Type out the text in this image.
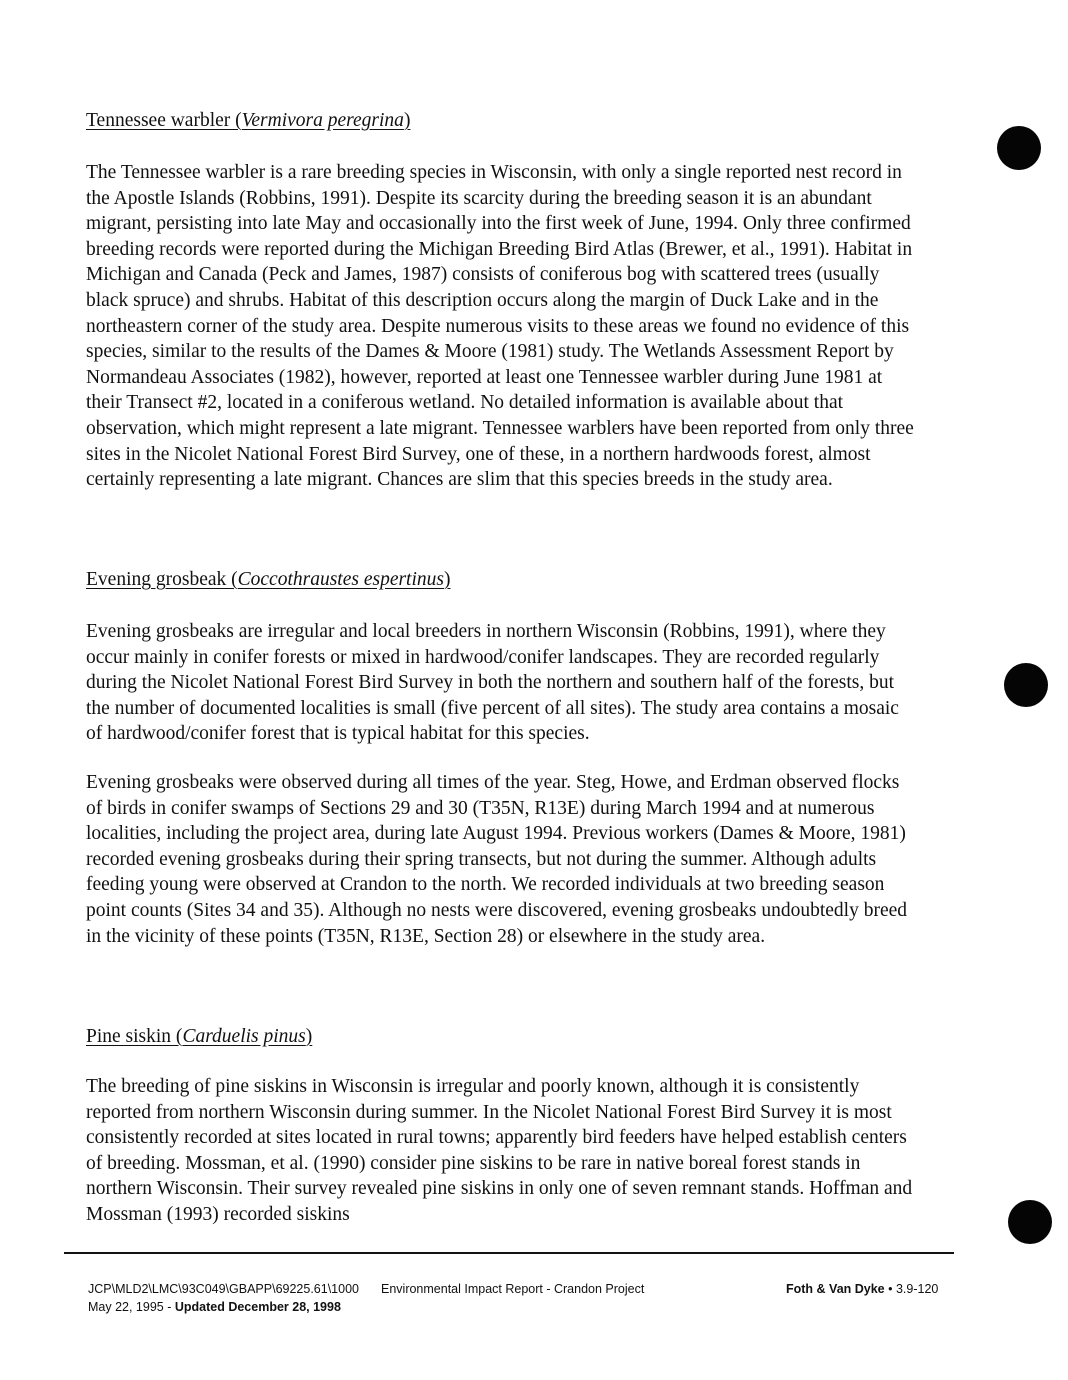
Tennessee warbler (Vermivora peregrina)

The Tennessee warbler is a rare breeding species in Wisconsin, with only a single reported nest record in the Apostle Islands (Robbins, 1991). Despite its scarcity during the breeding season it is an abundant migrant, persisting into late May and occasionally into the first week of June, 1994. Only three confirmed breeding records were reported during the Michigan Breeding Bird Atlas (Brewer, et al., 1991). Habitat in Michigan and Canada (Peck and James, 1987) consists of coniferous bog with scattered trees (usually black spruce) and shrubs. Habitat of this description occurs along the margin of Duck Lake and in the northeastern corner of the study area. Despite numerous visits to these areas we found no evidence of this species, similar to the results of the Dames & Moore (1981) study. The Wetlands Assessment Report by Normandeau Associates (1982), however, reported at least one Tennessee warbler during June 1981 at their Transect #2, located in a coniferous wetland. No detailed information is available about that observation, which might represent a late migrant. Tennessee warblers have been reported from only three sites in the Nicolet National Forest Bird Survey, one of these, in a northern hardwoods forest, almost certainly representing a late migrant. Chances are slim that this species breeds in the study area.

Evening grosbeak (Coccothraustes espertinus)

Evening grosbeaks are irregular and local breeders in northern Wisconsin (Robbins, 1991), where they occur mainly in conifer forests or mixed in hardwood/conifer landscapes. They are recorded regularly during the Nicolet National Forest Bird Survey in both the northern and southern half of the forests, but the number of documented localities is small (five percent of all sites). The study area contains a mosaic of hardwood/conifer forest that is typical habitat for this species.

Evening grosbeaks were observed during all times of the year. Steg, Howe, and Erdman observed flocks of birds in conifer swamps of Sections 29 and 30 (T35N, R13E) during March 1994 and at numerous localities, including the project area, during late August 1994. Previous workers (Dames & Moore, 1981) recorded evening grosbeaks during their spring transects, but not during the summer. Although adults feeding young were observed at Crandon to the north. We recorded individuals at two breeding season point counts (Sites 34 and 35). Although no nests were discovered, evening grosbeaks undoubtedly breed in the vicinity of these points (T35N, R13E, Section 28) or elsewhere in the study area.

Pine siskin (Carduelis pinus)

The breeding of pine siskins in Wisconsin is irregular and poorly known, although it is consistently reported from northern Wisconsin during summer. In the Nicolet National Forest Bird Survey it is most consistently recorded at sites located in rural towns; apparently bird feeders have helped establish centers of breeding. Mossman, et al. (1990) consider pine siskins to be rare in native boreal forest stands in northern Wisconsin. Their survey revealed pine siskins in only one of seven remnant stands. Hoffman and Mossman (1993) recorded siskins

JCP\MLD2\LMC\93C049\GBAPP\69225.61\1000
May 22, 1995 - Updated December 28, 1998
Environmental Impact Report - Crandon Project	Foth & Van Dyke • 3.9-120
